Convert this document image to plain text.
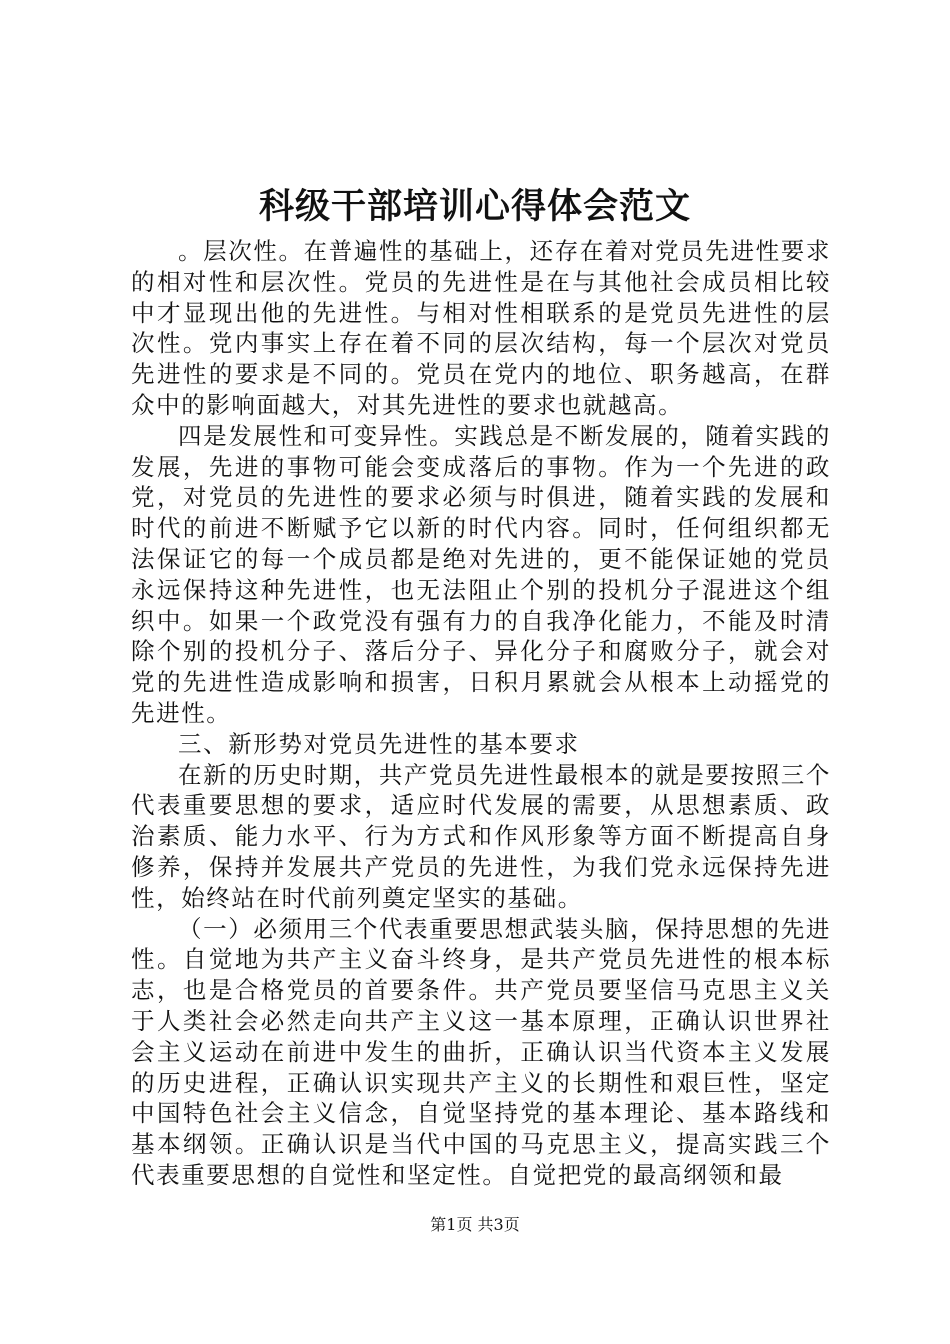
科级干部培训心得体会范文

。层次性。在普遍性的基础上，还存在着对党员先进性要求的相对性和层次性。党员的先进性是在与其他社会成员相比较中才显现出他的先进性。与相对性相联系的是党员先进性的层次性。党内事实上存在着不同的层次结构，每一个层次对党员先进性的要求是不同的。党员在党内的地位、职务越高，在群众中的影响面越大，对其先进性的要求也就越高。

四是发展性和可变异性。实践总是不断发展的，随着实践的发展，先进的事物可能会变成落后的事物。作为一个先进的政党，对党员的先进性的要求必须与时俱进，随着实践的发展和时代的前进不断赋予它以新的时代内容。同时，任何组织都无法保证它的每一个成员都是绝对先进的，更不能保证她的党员永远保持这种先进性，也无法阻止个别的投机分子混进这个组织中。如果一个政党没有强有力的自我净化能力，不能及时清除个别的投机分子、落后分子、异化分子和腐败分子，就会对党的先进性造成影响和损害，日积月累就会从根本上动摇党的先进性。

三、新形势对党员先进性的基本要求

在新的历史时期，共产党员先进性最根本的就是要按照三个代表重要思想的要求，适应时代发展的需要，从思想素质、政治素质、能力水平、行为方式和作风形象等方面不断提高自身修养，保持并发展共产党员的先进性，为我们党永远保持先进性，始终站在时代前列奠定坚实的基础。

（一）必须用三个代表重要思想武装头脑，保持思想的先进性。自觉地为共产主义奋斗终身，是共产党员先进性的根本标志，也是合格党员的首要条件。共产党员要坚信马克思主义关于人类社会必然走向共产主义这一基本原理，正确认识世界社会主义运动在前进中发生的曲折，正确认识当代资本主义发展的历史进程，正确认识实现共产主义的长期性和艰巨性，坚定中国特色社会主义信念，自觉坚持党的基本理论、基本路线和基本纲领。正确认识是当代中国的马克思主义，提高实践三个代表重要思想的自觉性和坚定性。自觉把党的最高纲领和最

第1页 共3页
